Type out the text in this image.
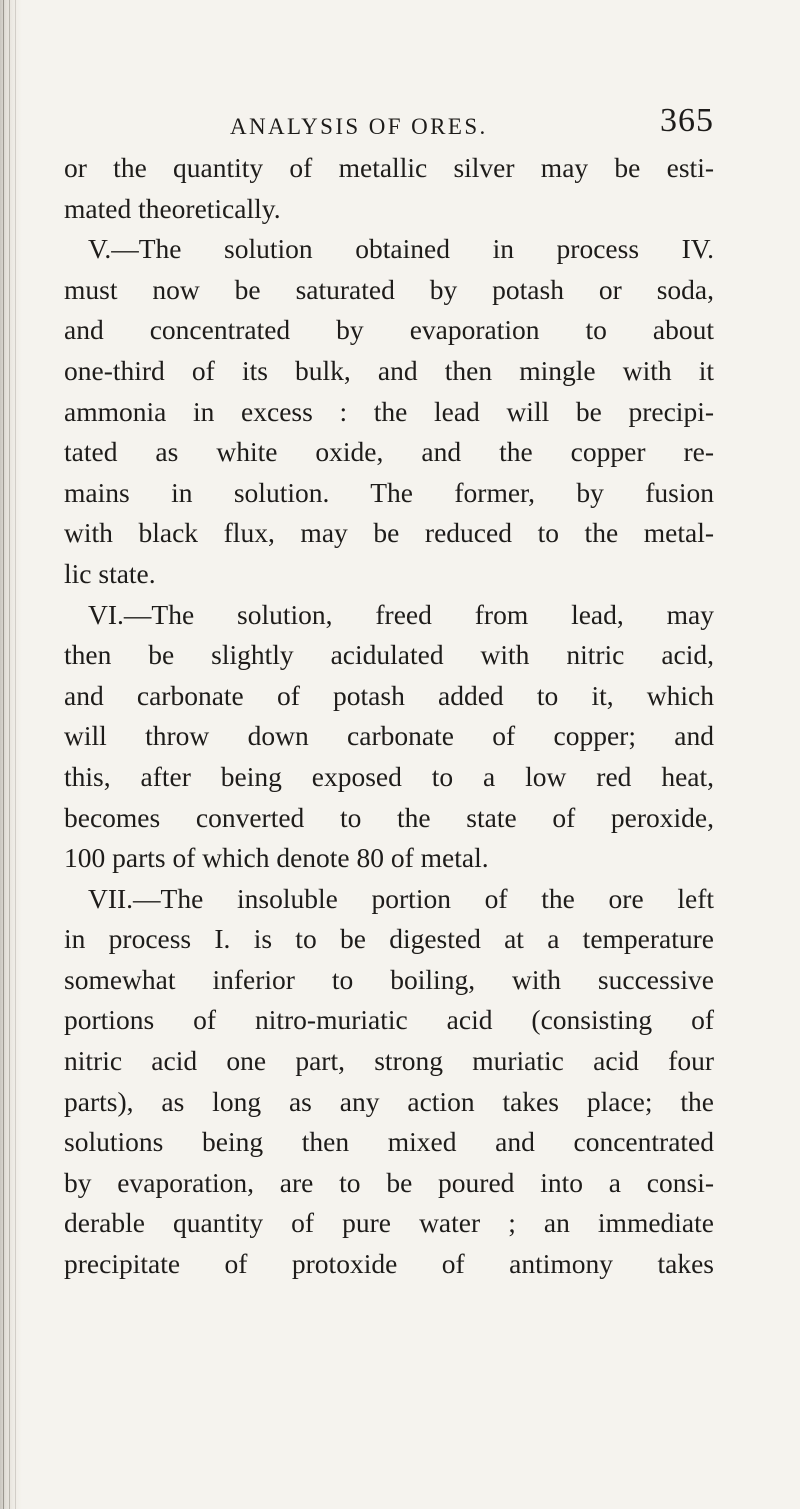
ANALYSIS OF ORES.	365
or the quantity of metallic silver may be esti-
mated theoretically.
V.—The solution obtained in process IV.
must now be saturated by potash or soda,
and concentrated by evaporation to about
one-third of its bulk, and then mingle with it
ammonia in excess : the lead will be precipi-
tated as white oxide, and the copper re-
mains in solution. The former, by fusion
with black flux, may be reduced to the metal-
lic state.
VI.—The solution, freed from lead, may
then be slightly acidulated with nitric acid,
and carbonate of potash added to it, which
will throw down carbonate of copper; and
this, after being exposed to a low red heat,
becomes converted to the state of peroxide,
100 parts of which denote 80 of metal.
VII.—The insoluble portion of the ore left
in process I. is to be digested at a temperature
somewhat inferior to boiling, with successive
portions of nitro-muriatic acid (consisting of
nitric acid one part, strong muriatic acid four
parts), as long as any action takes place; the
solutions being then mixed and concentrated
by evaporation, are to be poured into a consi-
derable quantity of pure water ; an immediate
precipitate of protoxide of antimony takes
